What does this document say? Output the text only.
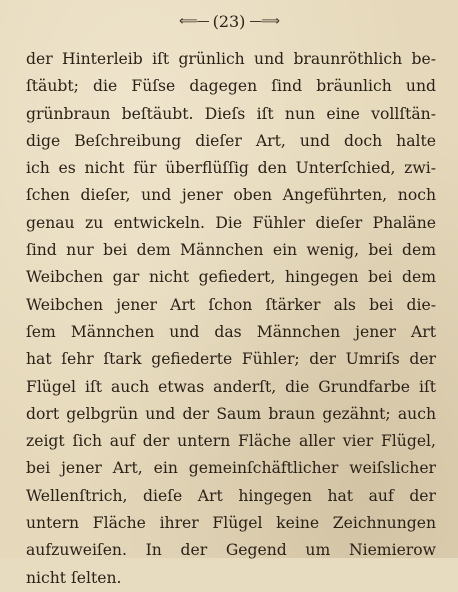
⟸— (23) —⟹
der Hinterleib iſt grünlich und braunröthlich be-
ſtäubt; die Füſse dagegen ſind bräunlich und
grünbraun beſtäubt. Dieſs iſt nun eine vollſtän-
dige Beſchreibung dieſer Art, und doch halte
ich es nicht für überflüſſig den Unterſchied, zwi-
ſchen dieſer, und jener oben Angeführten, noch
genau zu entwickeln. Die Fühler dieſer Phaläne
ſind nur bei dem Männchen ein wenig, bei dem
Weibchen gar nicht gefiedert, hingegen bei dem
Weibchen jener Art ſchon ſtärker als bei die-
ſem Männchen und das Männchen jener Art
hat ſehr ſtark gefiederte Fühler; der Umriſs der
Flügel iſt auch etwas anderſt, die Grundfarbe iſt
dort gelbgrün und der Saum braun gezähnt; auch
zeigt ſich auf der untern Fläche aller vier Flügel,
bei jener Art, ein gemeinſchäftlicher weiſslicher
Wellenſtrich, dieſe Art hingegen hat auf der
untern Fläche ihrer Flügel keine Zeichnungen
aufzuweiſen. In der Gegend um Niemierow
nicht ſelten.
